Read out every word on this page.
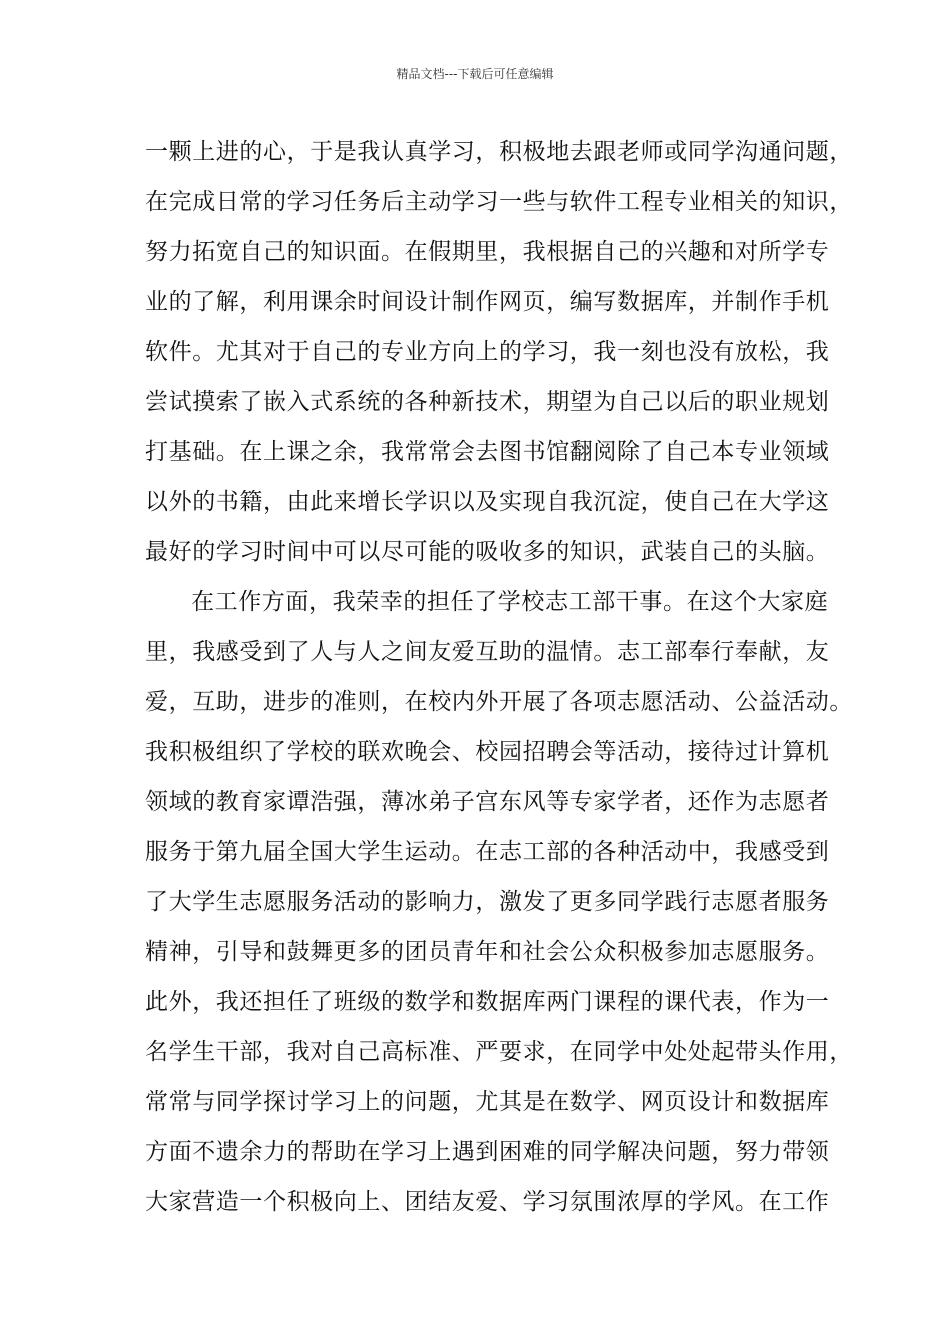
精品文档---下载后可任意编辑
一颗上进的心，于是我认真学习，积极地去跟老师或同学沟通问题，
在完成日常的学习任务后主动学习一些与软件工程专业相关的知识，
努力拓宽自己的知识面。在假期里，我根据自己的兴趣和对所学专
业的了解，利用课余时间设计制作网页，编写数据库，并制作手机
软件。尤其对于自己的专业方向上的学习，我一刻也没有放松，我
尝试摸索了嵌入式系统的各种新技术，期望为自己以后的职业规划
打基础。在上课之余，我常常会去图书馆翻阅除了自己本专业领域
以外的书籍，由此来增长学识以及实现自我沉淀，使自己在大学这
最好的学习时间中可以尽可能的吸收多的知识，武装自己的头脑。
在工作方面，我荣幸的担任了学校志工部干事。在这个大家庭
里，我感受到了人与人之间友爱互助的温情。志工部奉行奉献，友
爱，互助，进步的准则，在校内外开展了各项志愿活动、公益活动。
我积极组织了学校的联欢晚会、校园招聘会等活动，接待过计算机
领域的教育家谭浩强，薄冰弟子宫东风等专家学者，还作为志愿者
服务于第九届全国大学生运动。在志工部的各种活动中，我感受到
了大学生志愿服务活动的影响力，激发了更多同学践行志愿者服务
精神，引导和鼓舞更多的团员青年和社会公众积极参加志愿服务。
此外，我还担任了班级的数学和数据库两门课程的课代表，作为一
名学生干部，我对自己高标准、严要求，在同学中处处起带头作用，
常常与同学探讨学习上的问题，尤其是在数学、网页设计和数据库
方面不遗余力的帮助在学习上遇到困难的同学解决问题，努力带领
大家营造一个积极向上、团结友爱、学习氛围浓厚的学风。在工作
